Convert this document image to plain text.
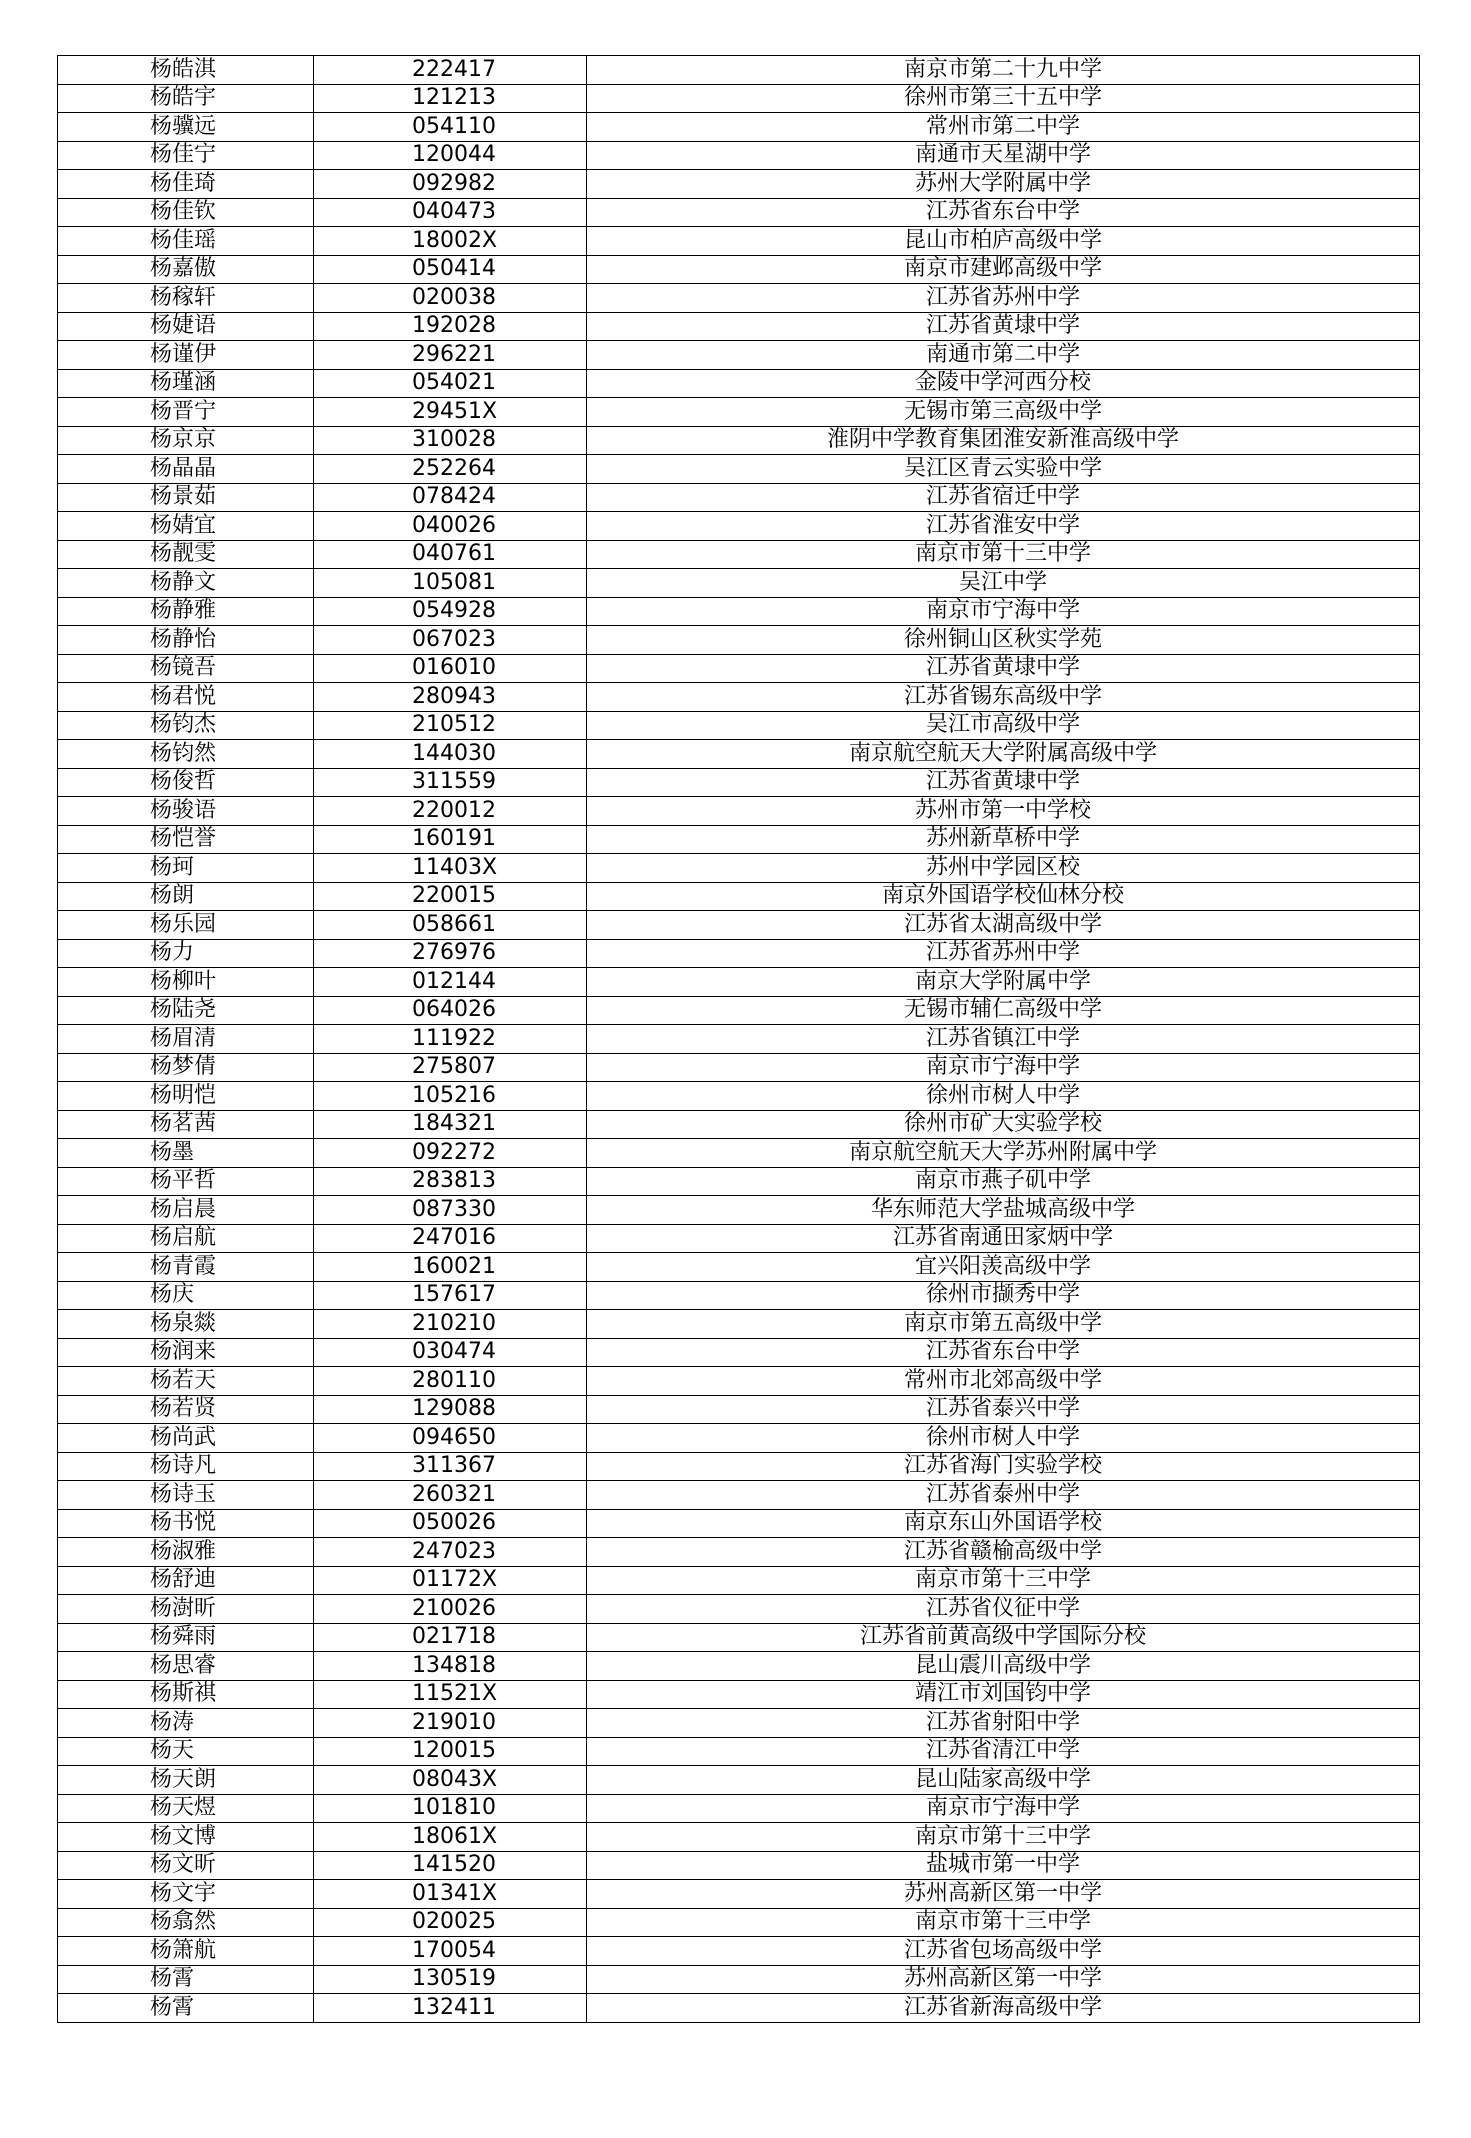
杨皓淇	222417	南京市第二十九中学
杨皓宇	121213	徐州市第三十五中学
杨骥远	054110	常州市第二中学
杨佳宁	120044	南通市天星湖中学
杨佳琦	092982	苏州大学附属中学
杨佳钦	040473	江苏省东台中学
杨佳瑶	18002X	昆山市柏庐高级中学
杨嘉傲	050414	南京市建邺高级中学
杨稼轩	020038	江苏省苏州中学
杨婕语	192028	江苏省黄埭中学
杨谨伊	296221	南通市第二中学
杨瑾涵	054021	金陵中学河西分校
杨晋宁	29451X	无锡市第三高级中学
杨京京	310028	淮阴中学教育集团淮安新淮高级中学
杨晶晶	252264	吴江区青云实验中学
杨景茹	078424	江苏省宿迁中学
杨婧宜	040026	江苏省淮安中学
杨靓雯	040761	南京市第十三中学
杨静文	105081	吴江中学
杨静雅	054928	南京市宁海中学
杨静怡	067023	徐州铜山区秋实学苑
杨镜吾	016010	江苏省黄埭中学
杨君悦	280943	江苏省锡东高级中学
杨钧杰	210512	吴江市高级中学
杨钧然	144030	南京航空航天大学附属高级中学
杨俊哲	311559	江苏省黄埭中学
杨骏语	220012	苏州市第一中学校
杨恺誉	160191	苏州新草桥中学
杨珂	11403X	苏州中学园区校
杨朗	220015	南京外国语学校仙林分校
杨乐园	058661	江苏省太湖高级中学
杨力	276976	江苏省苏州中学
杨柳叶	012144	南京大学附属中学
杨陆尧	064026	无锡市辅仁高级中学
杨眉清	111922	江苏省镇江中学
杨梦倩	275807	南京市宁海中学
杨明恺	105216	徐州市树人中学
杨茗茜	184321	徐州市矿大实验学校
杨墨	092272	南京航空航天大学苏州附属中学
杨平哲	283813	南京市燕子矶中学
杨启晨	087330	华东师范大学盐城高级中学
杨启航	247016	江苏省南通田家炳中学
杨青霞	160021	宜兴阳羡高级中学
杨庆	157617	徐州市撷秀中学
杨泉燚	210210	南京市第五高级中学
杨润来	030474	江苏省东台中学
杨若天	280110	常州市北郊高级中学
杨若贤	129088	江苏省泰兴中学
杨尚武	094650	徐州市树人中学
杨诗凡	311367	江苏省海门实验学校
杨诗玉	260321	江苏省泰州中学
杨书悦	050026	南京东山外国语学校
杨淑雅	247023	江苏省赣榆高级中学
杨舒迪	01172X	南京市第十三中学
杨澍昕	210026	江苏省仪征中学
杨舜雨	021718	江苏省前黄高级中学国际分校
杨思睿	134818	昆山震川高级中学
杨斯祺	11521X	靖江市刘国钧中学
杨涛	219010	江苏省射阳中学
杨天	120015	江苏省清江中学
杨天朗	08043X	昆山陆家高级中学
杨天煜	101810	南京市宁海中学
杨文博	18061X	南京市第十三中学
杨文昕	141520	盐城市第一中学
杨文宇	01341X	苏州高新区第一中学
杨翕然	020025	南京市第十三中学
杨箫航	170054	江苏省包场高级中学
杨霄	130519	苏州高新区第一中学
杨霄	132411	江苏省新海高级中学
